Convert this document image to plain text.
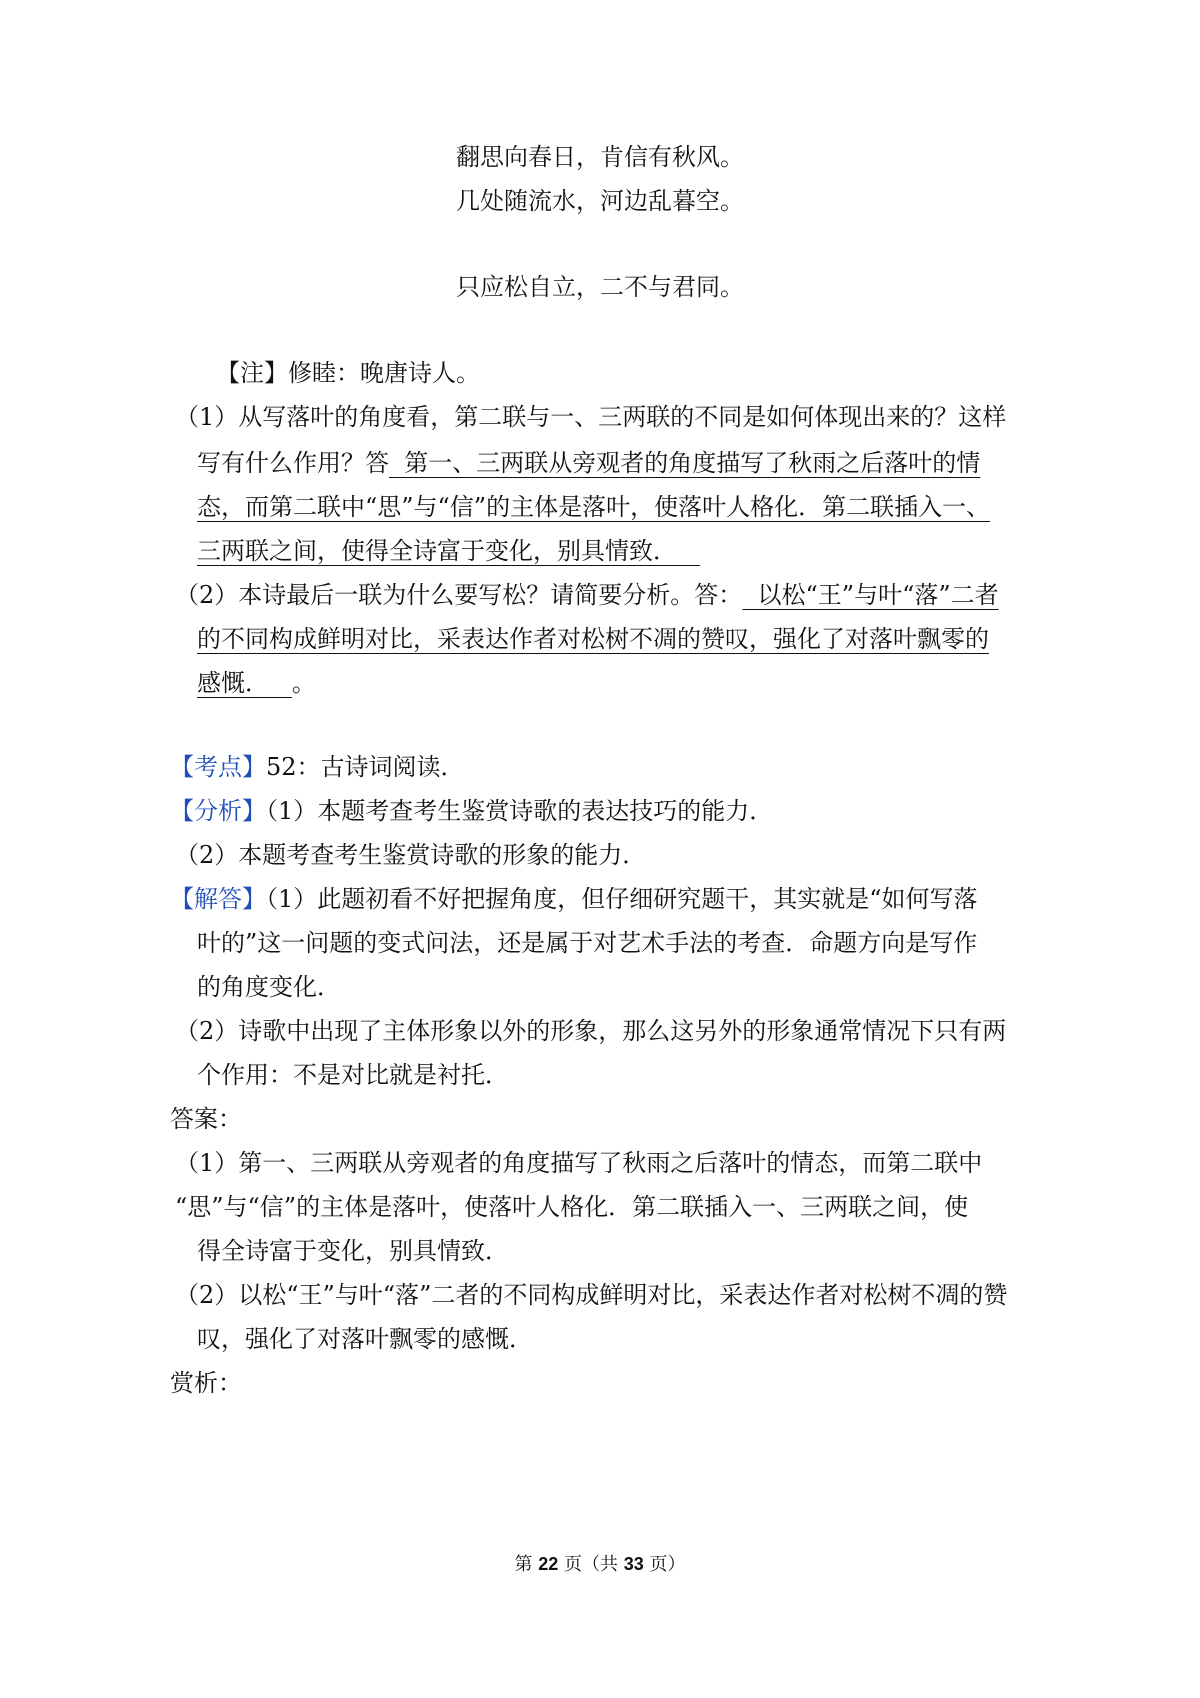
翻思向春日，肯信有秋风。
几处随流水，河边乱暮空。
只应松自立，二不与君同。
【注】修睦：晚唐诗人。
（1）从写落叶的角度看，第二联与一、三两联的不同是如何体现出来的？这样
写有什么作用？答  第一、三两联从旁观者的角度描写了秋雨之后落叶的情
态，而第二联中“思”与“信”的主体是落叶，使落叶人格化．第二联插入一、
三两联之间，使得全诗富于变化，别具情致．
（2）本诗最后一联为什么要写松？请简要分析。答：  以松“王”与叶“落”二者
的不同构成鲜明对比，采表达作者对松树不凋的赞叹，强化了对落叶飘零的
感慨．   。
【考点】52：古诗词阅读．
【分析】（1）本题考查考生鉴赏诗歌的表达技巧的能力．
（2）本题考查考生鉴赏诗歌的形象的能力．
【解答】（1）此题初看不好把握角度，但仔细研究题干，其实就是“如何写落
叶的”这一问题的变式问法，还是属于对艺术手法的考查．命题方向是写作
的角度变化．
（2）诗歌中出现了主体形象以外的形象，那么这另外的形象通常情况下只有两
个作用：不是对比就是衬托．
答案：
（1）第一、三两联从旁观者的角度描写了秋雨之后落叶的情态，而第二联中
“思”与“信”的主体是落叶，使落叶人格化．第二联插入一、三两联之间，使
得全诗富于变化，别具情致．
（2）以松“王”与叶“落”二者的不同构成鲜明对比，采表达作者对松树不凋的赞
叹，强化了对落叶飘零的感慨．
赏析：
第 22 页（共 33 页）
